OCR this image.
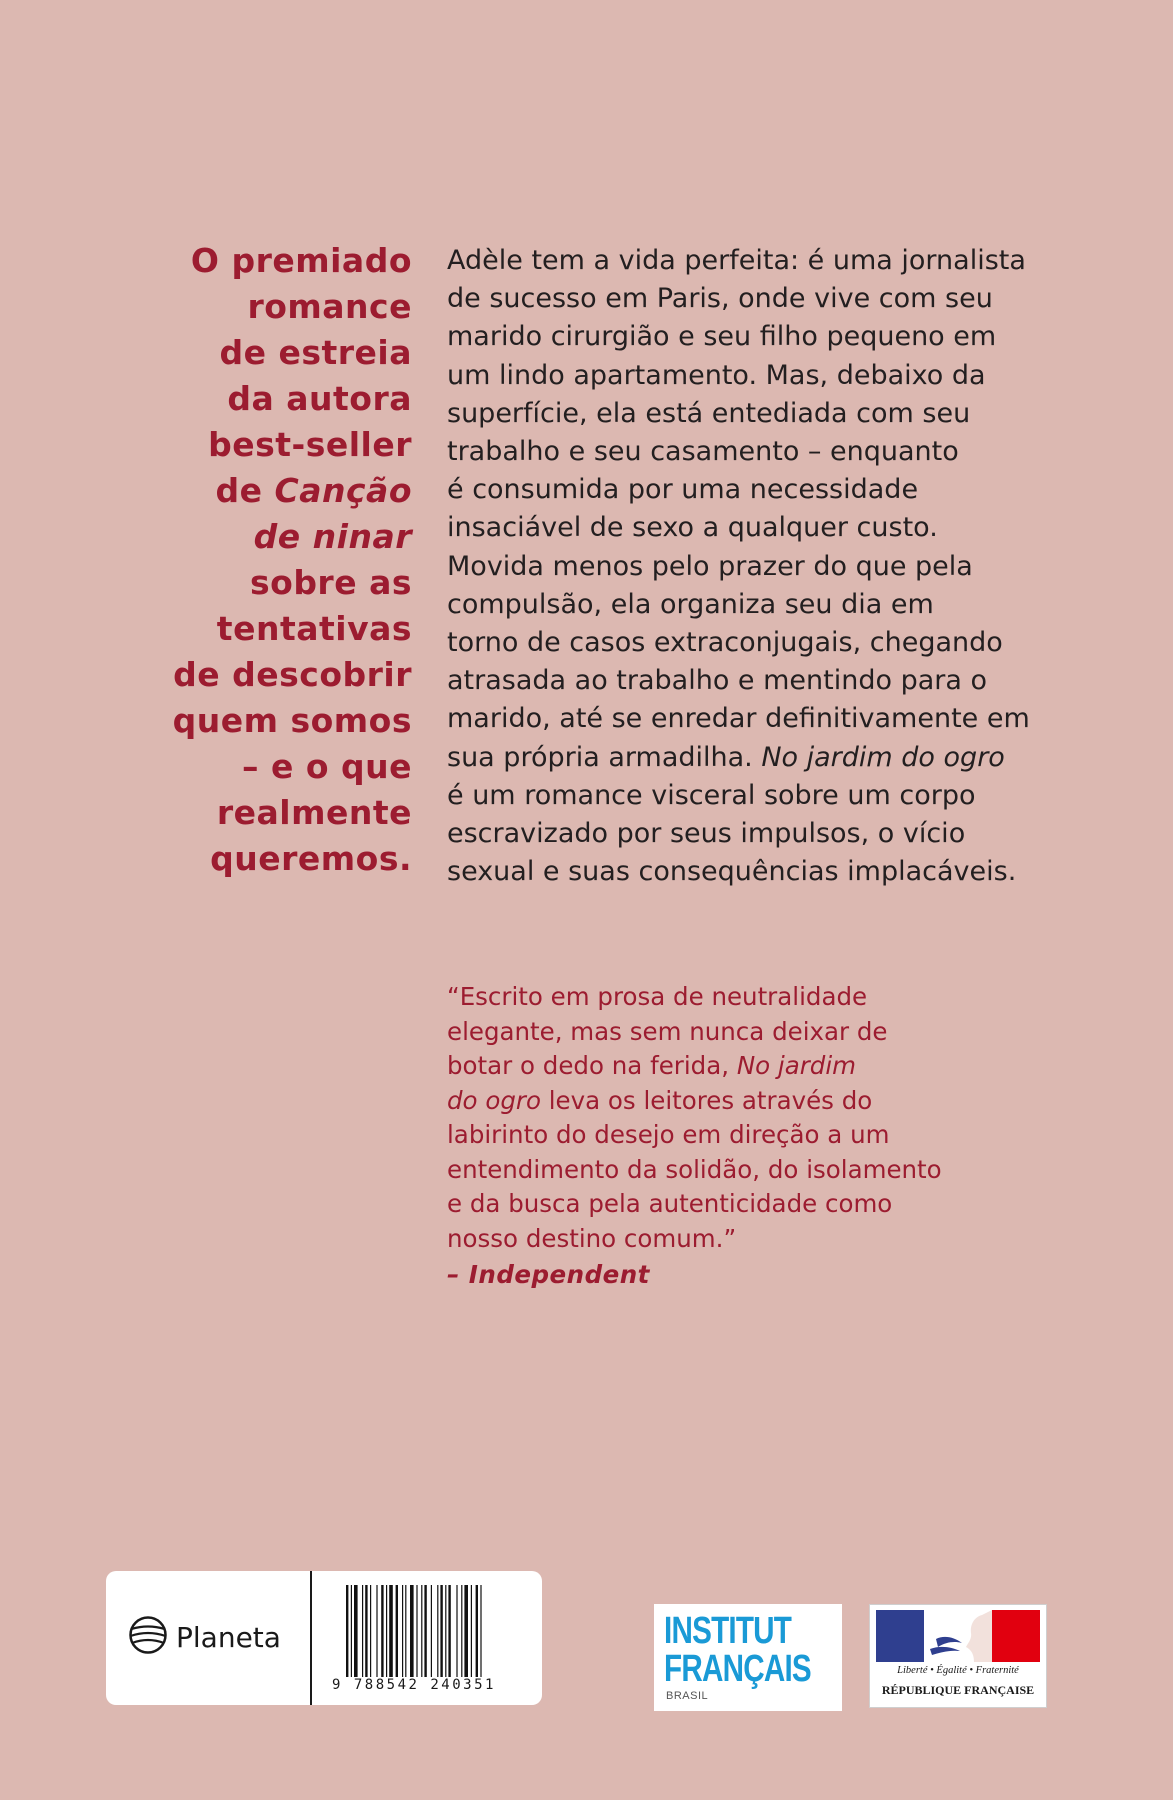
O premiado
romance
de estreia
da autora
best-seller
de Canção
de ninar
sobre as
tentativas
de descobrir
quem somos
– e o que
realmente
queremos.
Adèle tem a vida perfeita: é uma jornalista
de sucesso em Paris, onde vive com seu
marido cirurgião e seu filho pequeno em
um lindo apartamento. Mas, debaixo da
superfície, ela está entediada com seu
trabalho e seu casamento – enquanto
é consumida por uma necessidade
insaciável de sexo a qualquer custo.
Movida menos pelo prazer do que pela
compulsão, ela organiza seu dia em
torno de casos extraconjugais, chegando
atrasada ao trabalho e mentindo para o
marido, até se enredar definitivamente em
sua própria armadilha. No jardim do ogro
é um romance visceral sobre um corpo
escravizado por seus impulsos, o vício
sexual e suas consequências implacáveis.
“Escrito em prosa de neutralidade
elegante, mas sem nunca deixar de
botar o dedo na ferida, No jardim
do ogro leva os leitores através do
labirinto do desejo em direção a um
entendimento da solidão, do isolamento
e da busca pela autenticidade como
nosso destino comum.”
– Independent
Planeta
9 788542 240351
INSTITUT
FRANÇAIS
BRASIL
Liberté • Égalité • Fraternité
RÉPUBLIQUE FRANÇAISE
